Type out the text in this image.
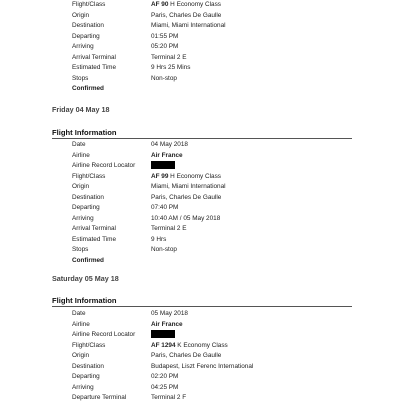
Flight/Class	AF 90 H Economy Class
Origin	Paris, Charles De Gaulle
Destination	Miami, Miami International
Departing	01:55 PM
Arriving	05:20 PM
Arrival Terminal	Terminal 2 E
Estimated Time	9 Hrs 25 Mins
Stops	Non-stop
Confirmed
Friday 04 May 18
Flight Information
Date	04 May 2018
Airline	Air France
Airline Record Locator
Flight/Class	AF 99 H Economy Class
Origin	Miami, Miami International
Destination	Paris, Charles De Gaulle
Departing	07:40 PM
Arriving	10:40 AM / 05 May 2018
Arrival Terminal	Terminal 2 E
Estimated Time	9 Hrs
Stops	Non-stop
Confirmed
Saturday 05 May 18
Flight Information
Date	05 May 2018
Airline	Air France
Airline Record Locator
Flight/Class	AF 1294 K Economy Class
Origin	Paris, Charles De Gaulle
Destination	Budapest, Liszt Ferenc International
Departing	02:20 PM
Arriving	04:25 PM
Departure Terminal	Terminal 2 F
